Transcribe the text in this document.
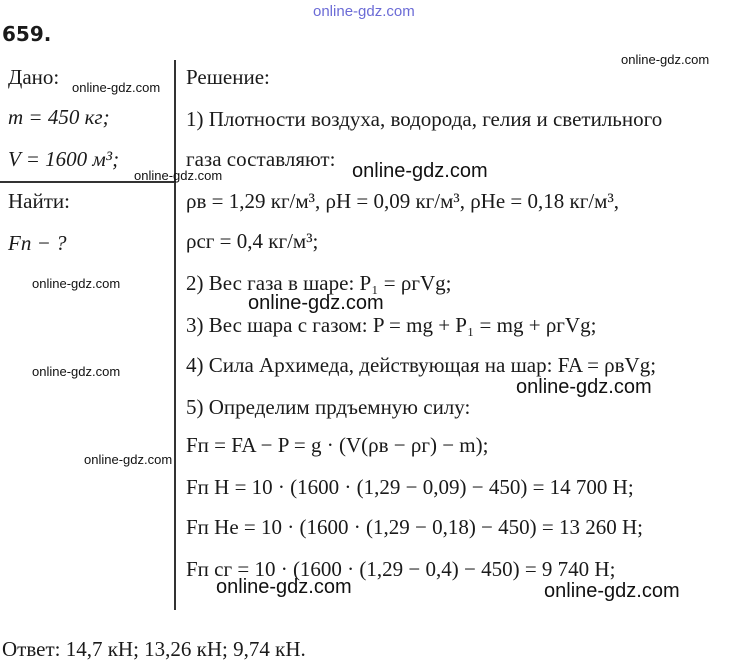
online-gdz.com
659.
Дано:
m = 450 кг;
V = 1600 м³;
Найти:
Fп − ?
Решение:
1) Плотности воздуха, водорода, гелия и светильного
газа составляют:
ρв = 1,29 кг/м³, ρH = 0,09 кг/м³, ρHe = 0,18 кг/м³,
ρсг = 0,4 кг/м³;
2) Вес газа в шаре: P₁ = ρгVg;
3) Вес шара с газом: P = mg + P₁ = mg + ρгVg;
4) Сила Архимеда, действующая на шар: FA = ρвVg;
5) Определим прдъемную силу:
Fп = FA − P = g · (V(ρв − ρг) − m);
Fп H = 10 · (1600 · (1,29 − 0,09) − 450) = 14 700 Н;
Fп He = 10 · (1600 · (1,29 − 0,18) − 450) = 13 260 Н;
Fп сг = 10 · (1600 · (1,29 − 0,4) − 450) = 9 740 Н;
Ответ: 14,7 кН; 13,26 кН; 9,74 кН.
online-gdz.com
online-gdz.com
online-gdz.com	online-gdz.com
online-gdz.com
online-gdz.com
online-gdz.com
online-gdz.com
online-gdz.com
online-gdz.com	online-gdz.com
